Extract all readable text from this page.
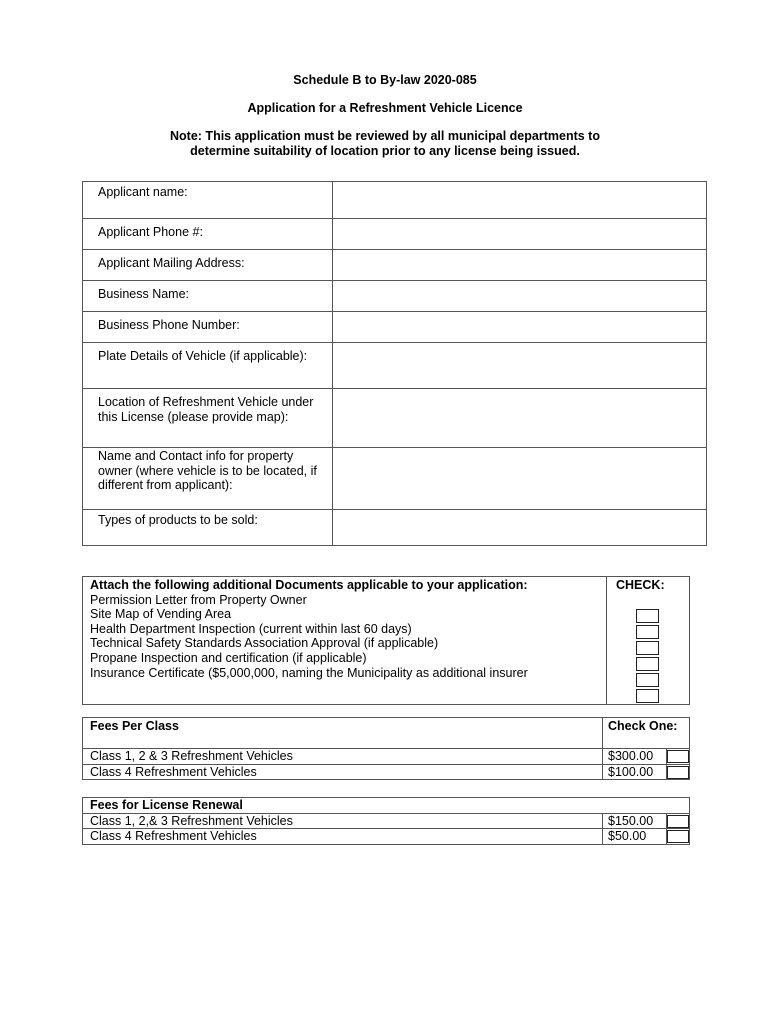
Schedule B to By-law 2020-085
Application for a Refreshment Vehicle Licence
Note: This application must be reviewed by all municipal departments to
determine suitability of location prior to any license being issued.
Applicant name:	
Applicant Phone #:	
Applicant Mailing Address:	
Business Name:	
Business Phone Number:	
Plate Details of Vehicle (if applicable):	
Location of Refreshment Vehicle under this License (please provide map):	
Name and Contact info for property owner (where vehicle is to be located, if different from applicant):	
Types of products to be sold:	
Attach the following additional Documents applicable to your application:
Permission Letter from Property Owner
Site Map of Vending Area
Health Department Inspection (current within last 60 days)
Technical Safety Standards Association Approval (if applicable)
Propane Inspection and certification (if applicable)
Insurance Certificate ($5,000,000, naming the Municipality as additional insurer

CHECK:
Fees Per Class	Check One:	
Class 1, 2 & 3 Refreshment Vehicles	$300.00	

Class 4 Refreshment Vehicles	$100.00	
Fees for License Renewal		
Class 1, 2,& 3 Refreshment Vehicles	$150.00	

Class 4 Refreshment Vehicles	$50.00	
